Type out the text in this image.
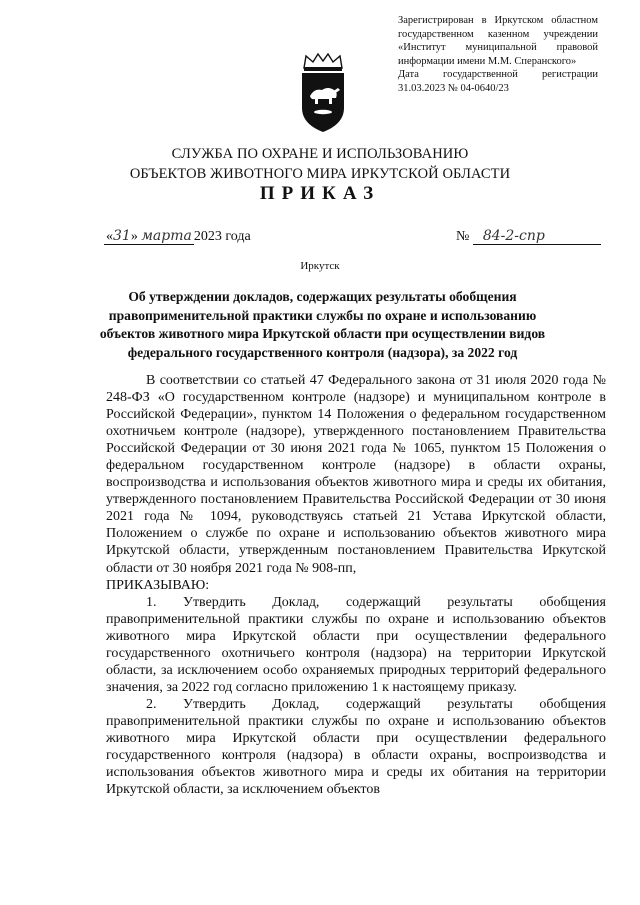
Зарегистрирован в Иркутском областном государственном казенном учреждении «Институт муниципальной правовой информации имени М.М. Сперанского»
Дата государственной регистрации 31.03.2023 № 04-0640/23
СЛУЖБА ПО ОХРАНЕ И ИСПОЛЬЗОВАНИЮ
ОБЪЕКТОВ ЖИВОТНОГО МИРА ИРКУТСКОЙ ОБЛАСТИ
ПРИКАЗ
«31» марта 2023 года	№ 84-2-спр
Иркутск
Об утверждении докладов, содержащих результаты обобщения
правоприменительной практики службы по охране и использованию
объектов животного мира Иркутской области при осуществлении видов
федерального государственного контроля (надзора), за 2022 год

В соответствии со статьей 47 Федерального закона от 31 июля 2020 года № 248-ФЗ «О государственном контроле (надзоре) и муниципальном контроле в Российской Федерации», пунктом 14 Положения о федеральном государственном охотничьем контроле (надзоре), утвержденного постановлением Правительства Российской Федерации от 30 июня 2021 года № 1065, пунктом 15 Положения о федеральном государственном контроле (надзоре) в области охраны, воспроизводства и использования объектов животного мира и среды их обитания, утвержденного постановлением Правительства Российской Федерации от 30 июня 2021 года № 1094, руководствуясь статьей 21 Устава Иркутской области, Положением о службе по охране и использованию объектов животного мира Иркутской области, утвержденным постановлением Правительства Иркутской области от 30 ноября 2021 года № 908-пп,

ПРИКАЗЫВАЮ:

1. Утвердить Доклад, содержащий результаты обобщения правоприменительной практики службы по охране и использованию объектов животного мира Иркутской области при осуществлении федерального государственного охотничьего контроля (надзора) на территории Иркутской области, за исключением особо охраняемых природных территорий федерального значения, за 2022 год согласно приложению 1 к настоящему приказу.

2. Утвердить Доклад, содержащий результаты обобщения правоприменительной практики службы по охране и использованию объектов животного мира Иркутской области при осуществлении федерального государственного контроля (надзора) в области охраны, воспроизводства и использования объектов животного мира и среды их обитания на территории Иркутской области, за исключением объектов
